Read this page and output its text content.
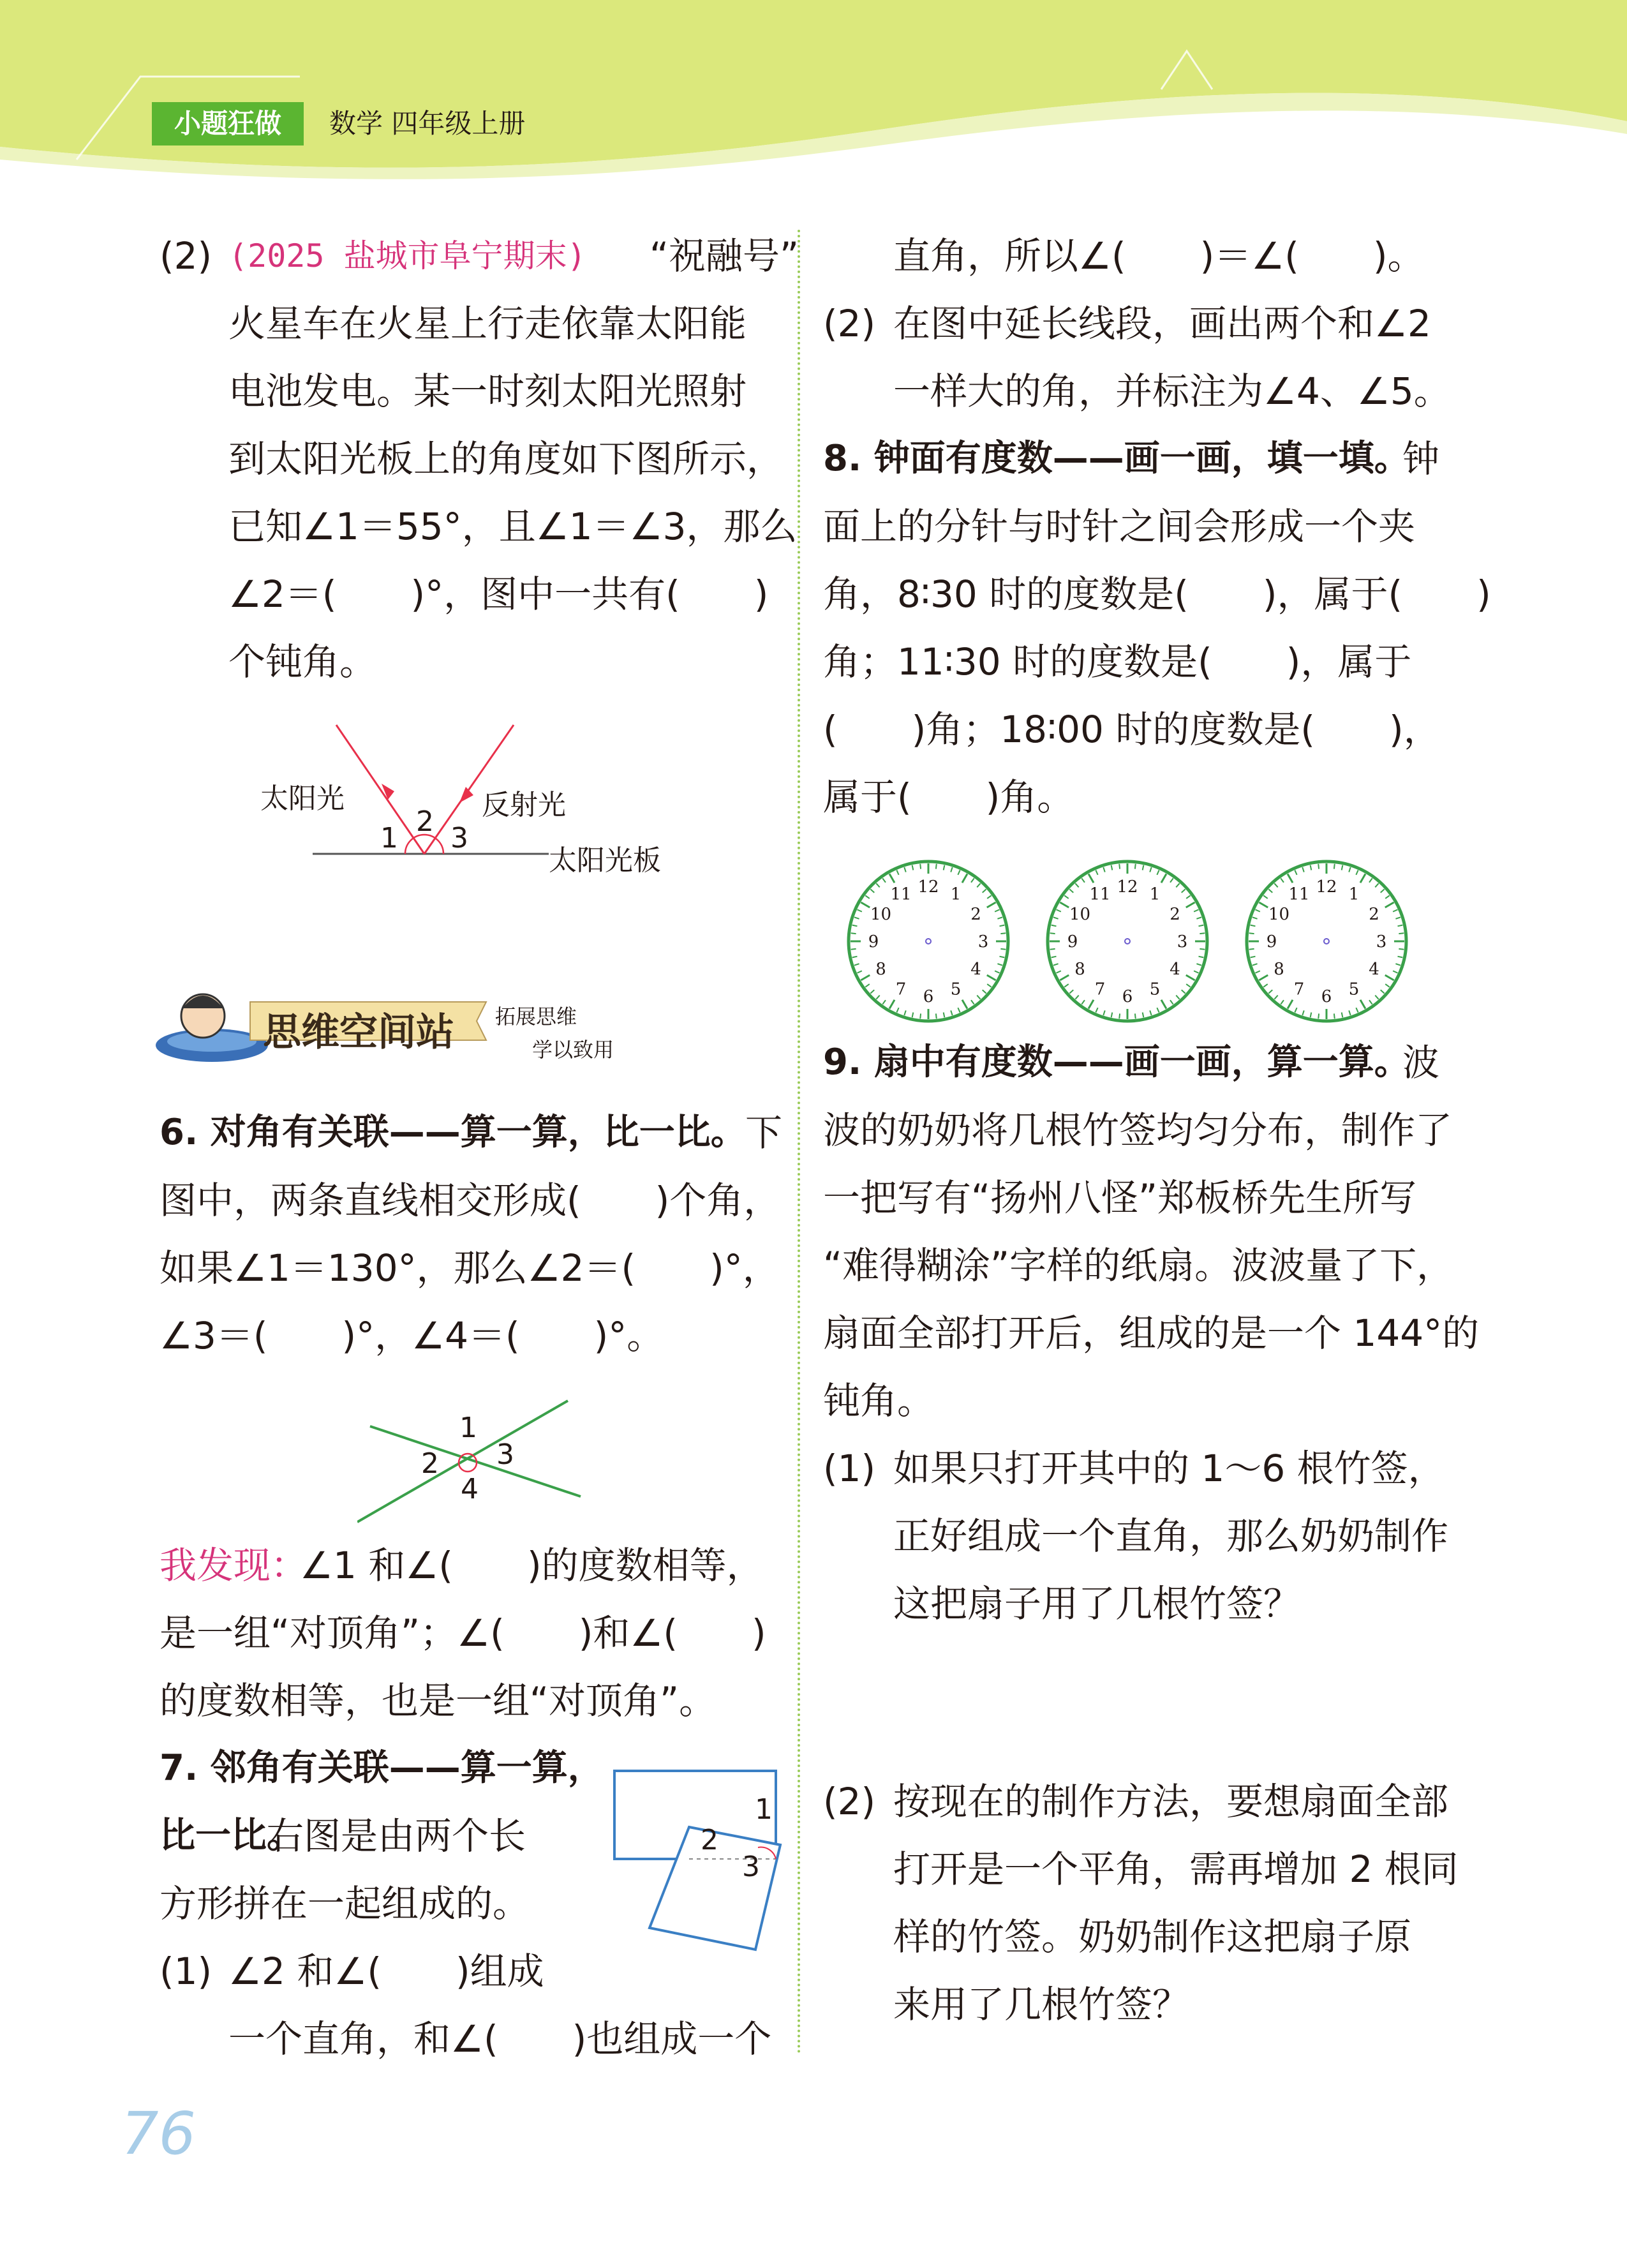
小题狂做	数学 四年级上册
(2) (2025 盐城市阜宁期末) “祝融号”
火星车在火星上行走依靠太阳能
电池发电。某一时刻太阳光照射
到太阳光板上的角度如下图所示，
已知∠1＝55°，且∠1＝∠3，那么
∠2＝(　　)°，图中一共有(　　)
个钝角。
太阳光	反射光
太阳光板
1
2
3
思维空间站 拓展思维
学以致用
6. 对角有关联——算一算，比一比。
下
图中，两条直线相交形成(　　)个角，
如果∠1＝130°，那么∠2＝(　　)°，
∠3＝(　　)°，∠4＝(　　)°。
1
2 3
4
我发现：
∠1 和∠(　　)的度数相等，
是一组“对顶角”；∠(　　)和∠(　　)
的度数相等，也是一组“对顶角”。
7. 邻角有关联——算一算，
比一比。
右图是由两个长
方形拼在一起组成的。
(1) ∠2 和∠(　　)组成
一个直角，和∠(　　)也组成一个
1
2
3
76
直角，所以∠(　　)＝∠(　　)。
(2) 在图中延长线段，画出两个和∠2
一样大的角，并标注为∠4、∠5。
8. 钟面有度数——画一画，填一填。
钟
面上的分针与时针之间会形成一个夹
角，8∶30 时的度数是(　　)，属于(　　)
角；11∶30 时的度数是(　　)，属于
(　　)角；18∶00 时的度数是(　　)，
属于(　　)角。
12 1
2
3
4
5
6
7
8
9
10
11	12 1
2
3
4
5
6
7
8
9
10
11	12 1
2
3
4
5
6
7
8
9
10
11
9. 扇中有度数——画一画，算一算。
波
波的奶奶将几根竹签均匀分布，制作了
一把写有“扬州八怪”郑板桥先生所写
“难得糊涂”字样的纸扇。波波量了下，
扇面全部打开后，组成的是一个 144°的
钝角。
(1) 如果只打开其中的 1～6 根竹签，
正好组成一个直角，那么奶奶制作
这把扇子用了几根竹签？
(2) 按现在的制作方法，要想扇面全部
打开是一个平角，需再增加 2 根同
样的竹签。奶奶制作这把扇子原
来用了几根竹签？
